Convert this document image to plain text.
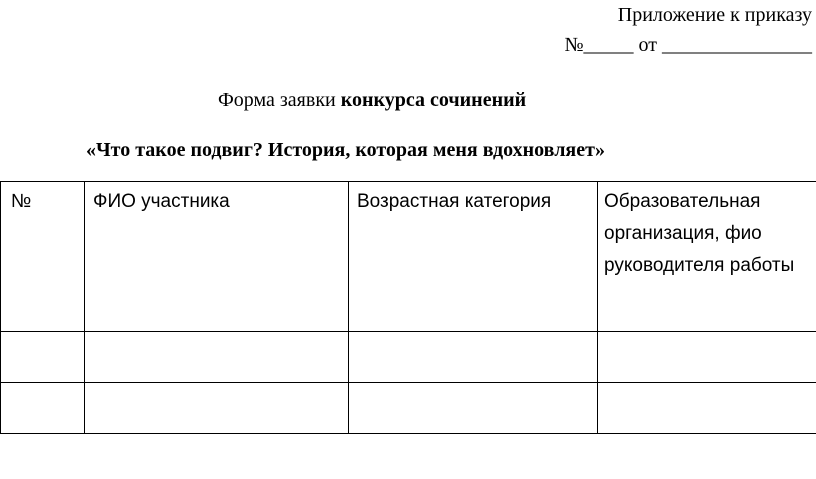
Приложение к приказу
№_____ от _______________
Форма заявки конкурса сочинений
«Что такое подвиг? История, которая меня вдохновляет»
№	ФИО участника	Возрастная категория	Образовательная организация, фио руководителя работы
